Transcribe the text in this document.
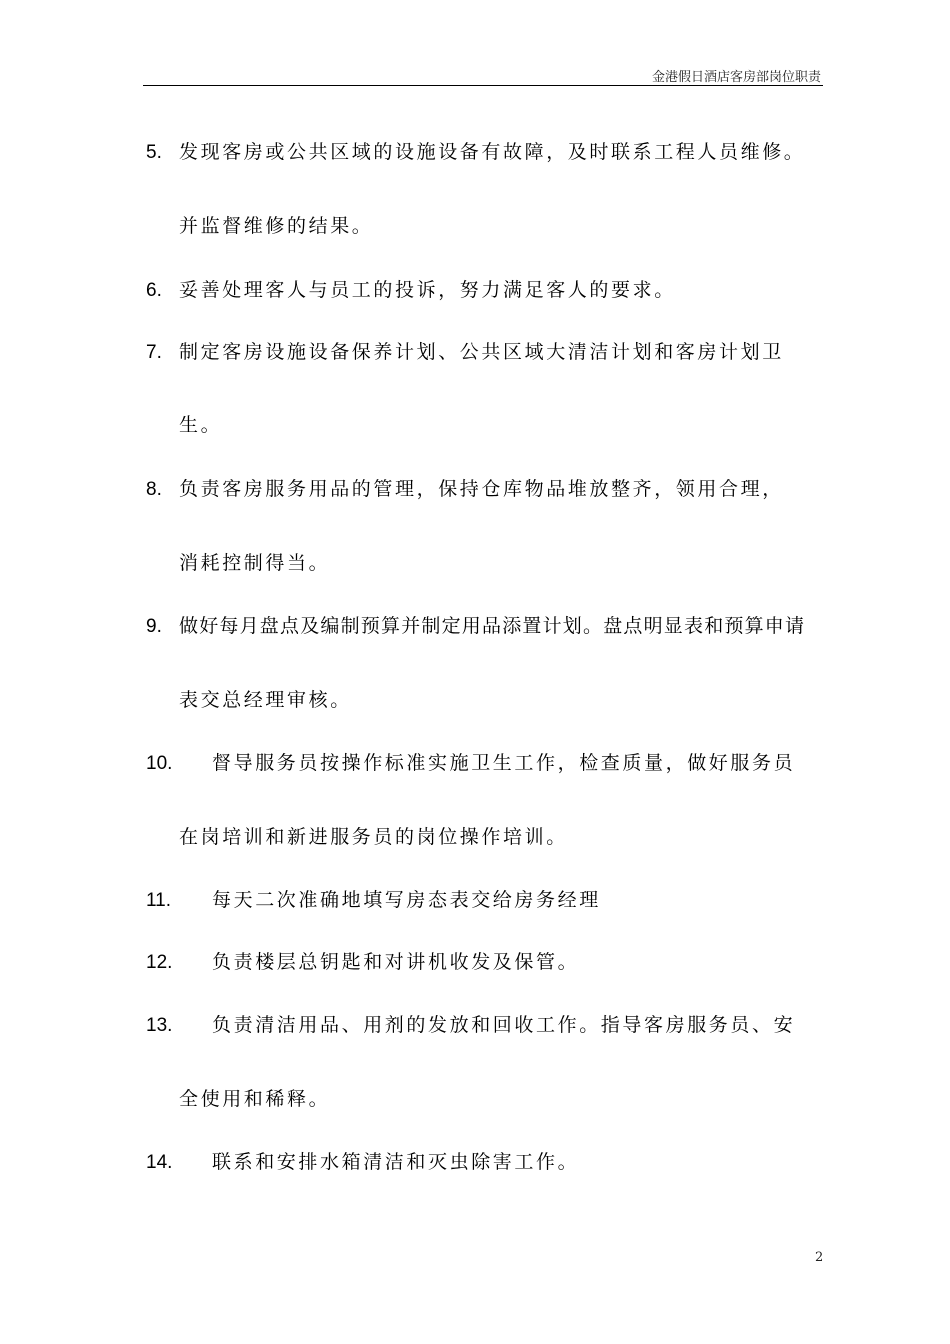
金港假日酒店客房部岗位职责
5. 发现客房或公共区域的设施设备有故障，及时联系工程人员维修。
并监督维修的结果。
6. 妥善处理客人与员工的投诉，努力满足客人的要求。
7. 制定客房设施设备保养计划、公共区域大清洁计划和客房计划卫
生。
8. 负责客房服务用品的管理，保持仓库物品堆放整齐，领用合理，
消耗控制得当。
9. 做好每月盘点及编制预算并制定用品添置计划。盘点明显表和预算申请
表交总经理审核。
10. 督导服务员按操作标准实施卫生工作，检查质量，做好服务员
在岗培训和新进服务员的岗位操作培训。
11. 每天二次准确地填写房态表交给房务经理
12. 负责楼层总钥匙和对讲机收发及保管。
13. 负责清洁用品、用剂的发放和回收工作。指导客房服务员、安
全使用和稀释。
14. 联系和安排水箱清洁和灭虫除害工作。
2
